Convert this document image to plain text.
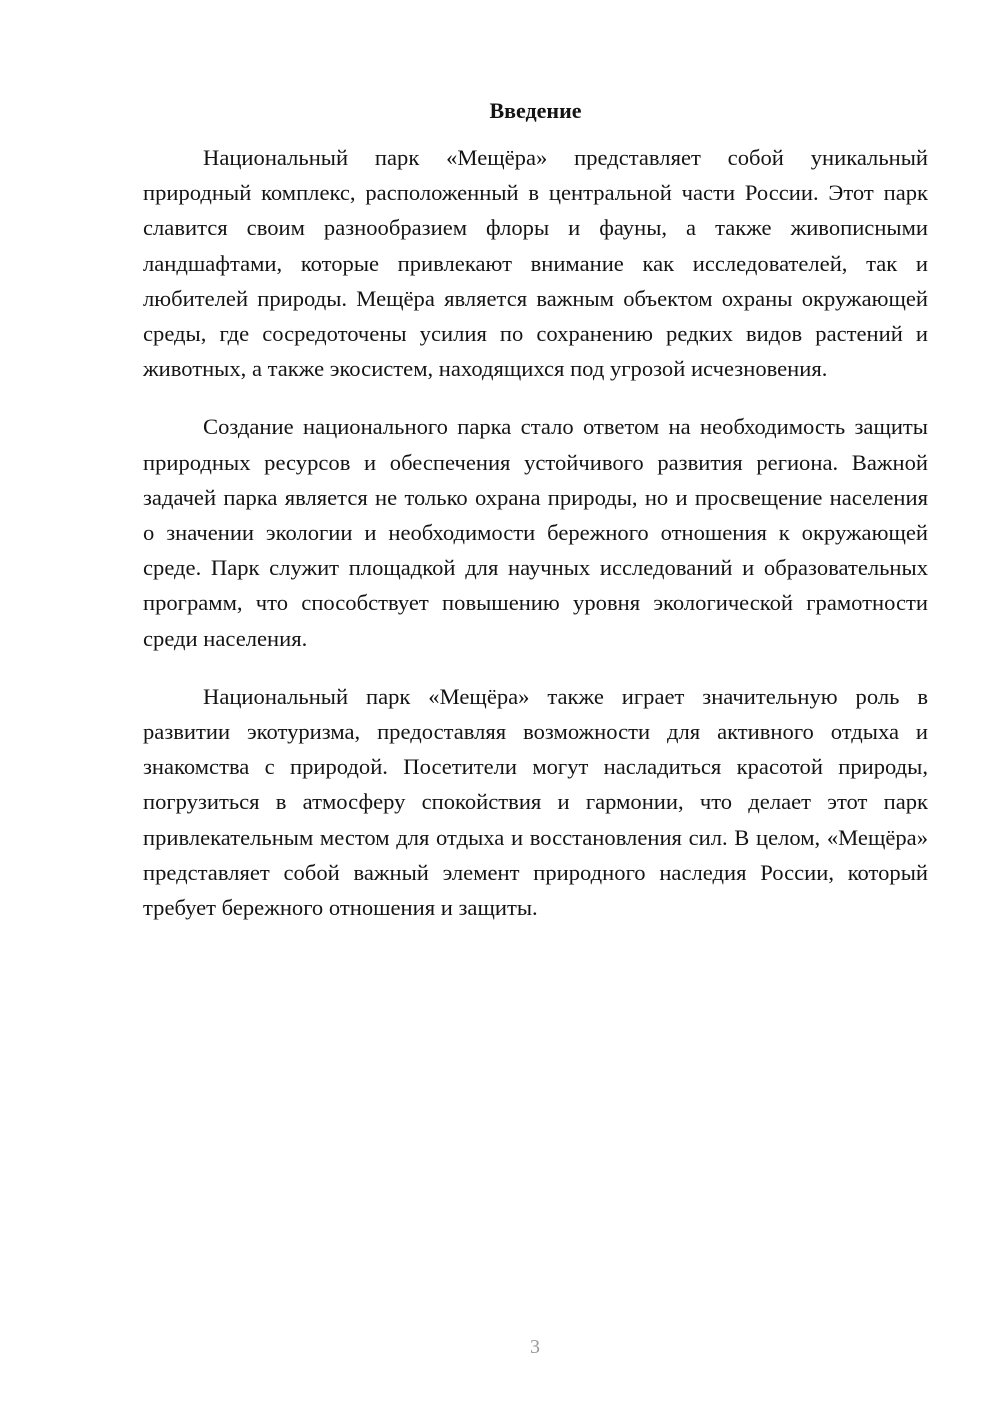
Введение

Национальный парк «Мещёра» представляет собой уникальный природный комплекс, расположенный в центральной части России. Этот парк славится своим разнообразием флоры и фауны, а также живописными ландшафтами, которые привлекают внимание как исследователей, так и любителей природы. Мещёра является важным объектом охраны окружающей среды, где сосредоточены усилия по сохранению редких видов растений и животных, а также экосистем, находящихся под угрозой исчезновения.

Создание национального парка стало ответом на необходимость защиты природных ресурсов и обеспечения устойчивого развития региона. Важной задачей парка является не только охрана природы, но и просвещение населения о значении экологии и необходимости бережного отношения к окружающей среде. Парк служит площадкой для научных исследований и образовательных программ, что способствует повышению уровня экологической грамотности среди населения.

Национальный парк «Мещёра» также играет значительную роль в развитии экотуризма, предоставляя возможности для активного отдыха и знакомства с природой. Посетители могут насладиться красотой природы, погрузиться в атмосферу спокойствия и гармонии, что делает этот парк привлекательным местом для отдыха и восстановления сил. В целом, «Мещёра» представляет собой важный элемент природного наследия России, который требует бережного отношения и защиты.

3
